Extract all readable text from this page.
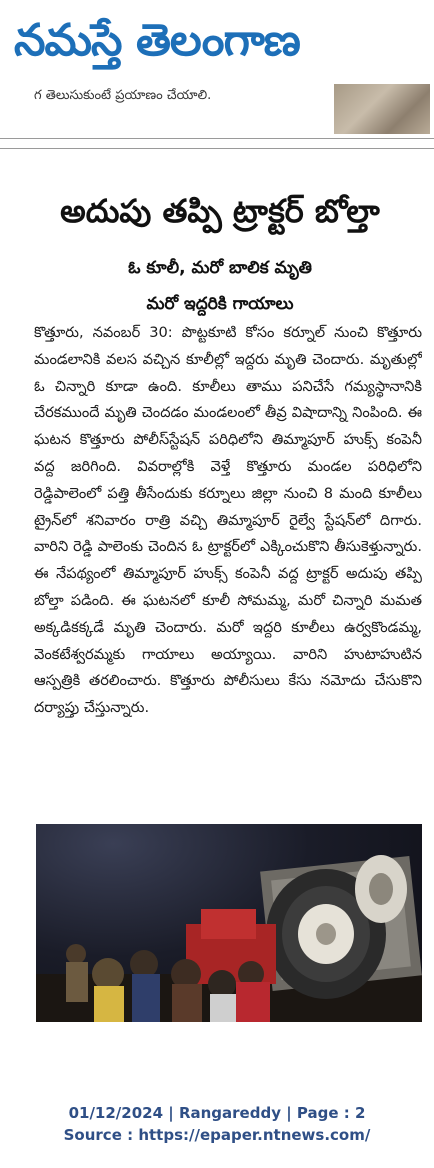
నమస్తే తెలంగాణ
గ తెలుసుకుంటే ప్రయాణం చేయాలి.
అదుపు తప్పి ట్రాక్టర్ బోల్తా
ఓ కూలీ, మరో బాలిక మృతి
మరో ఇద్దరికి గాయాలు
కొత్తూరు, నవంబర్ 30: పొట్టకూటి కోసం కర్నూల్ నుంచి కొత్తూరు మండలానికి వలస వచ్చిన కూలీల్లో ఇద్దరు మృతి చెందారు. మృతుల్లో ఓ చిన్నారి కూడా ఉంది. కూలీలు తాము పనిచేసే గమ్యస్థానానికి చేరకముందే మృతి చెందడం మండలంలో తీవ్ర విషాదాన్ని నింపింది. ఈ ఘటన కొత్తూరు పోలీస్‌స్టేషన్ పరిధిలోని తిమ్మాపూర్ హుక్స్ కంపెనీ వద్ద జరిగింది. వివరాల్లోకి వెళ్తే కొత్తూరు మండల పరిధిలోని రెడ్డిపాలెంలో పత్తి తీసేందుకు కర్నూలు జిల్లా నుంచి 8 మంది కూలీలు ట్రైన్‌లో శనివారం రాత్రి వచ్చి తిమ్మాపూర్ రైల్వే స్టేషన్‌లో దిగారు. వారిని రెడ్డి పాలెంకు చెందిన ఓ ట్రాక్టర్‌లో ఎక్కించుకొని తీసుకెళ్తున్నారు. ఈ నేపథ్యంలో తిమ్మాపూర్ హుక్స్ కంపెనీ వద్ద ట్రాక్టర్ అదుపు తప్పి బోల్తా పడింది. ఈ ఘటనలో కూలీ సోమమ్మ, మరో చిన్నారి మమత అక్కడికక్కడే మృతి చెందారు. మరో ఇద్దరి కూలీలు ఉర్వకొండమ్మ, వెంకటేశ్వరమ్మకు గాయాలు అయ్యాయి. వారిని హుటాహుటిన ఆస్పత్రికి తరలించారు. కొత్తూరు పోలీసులు కేసు నమోదు చేసుకొని దర్యాప్తు చేస్తున్నారు.
01/12/2024 | Rangareddy | Page : 2
Source : https://epaper.ntnews.com/
